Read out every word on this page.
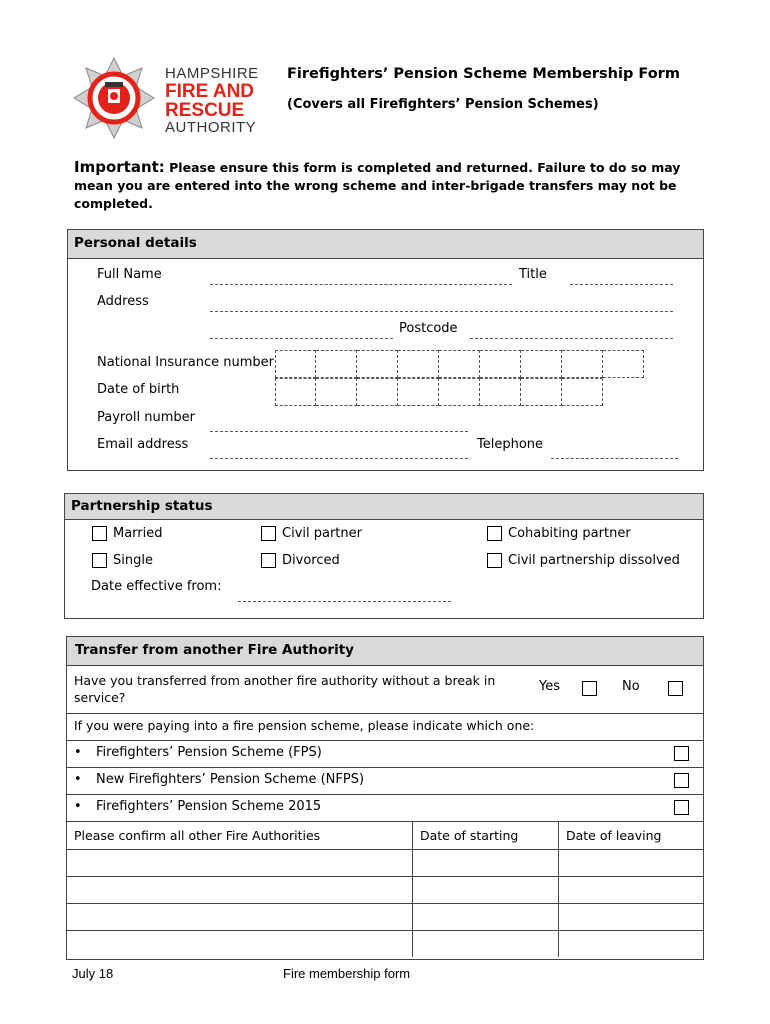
HAMPSHIRE
FIRE AND
RESCUE
AUTHORITY
Firefighters’ Pension Scheme Membership Form
(Covers all Firefighters’ Pension Schemes)
Important: Please ensure this form is completed and returned. Failure to do so may mean you are entered into the wrong scheme and inter-brigade transfers may not be completed.
Personal details
Full Name	Title
Address
Postcode
National Insurance number
Date of birth
Payroll number
Email address	Telephone
Partnership status
Married	Civil partner	Cohabiting partner
Single	Divorced	Civil partnership dissolved
Date effective from:
Transfer from another Fire Authority
Have you transferred from another fire authority without a break in service?
Yes	No
If you were paying into a fire pension scheme, please indicate which one:
•	Firefighters’ Pension Scheme (FPS)
•	New Firefighters’ Pension Scheme (NFPS)
•	Firefighters’ Pension Scheme 2015
Please confirm all other Fire Authorities	Date of starting	Date of leaving

July 18	Fire membership form
